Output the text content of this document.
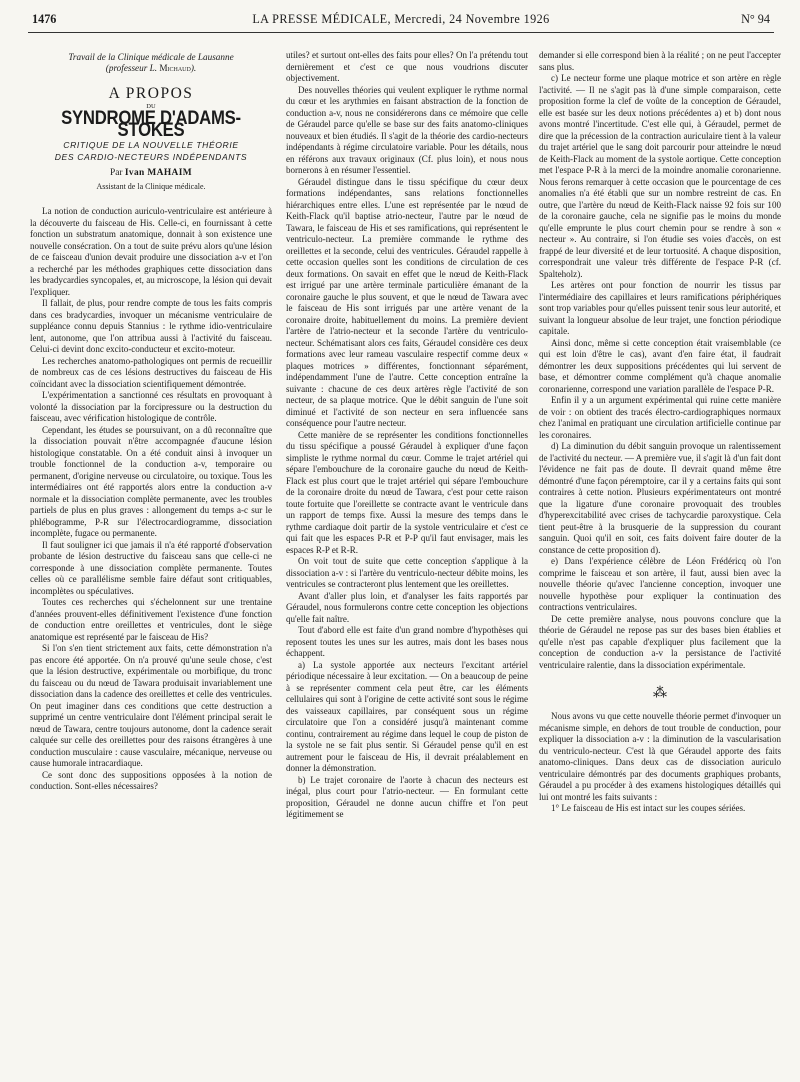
1476	LA PRESSE MÉDICALE, Mercredi, 24 Novembre 1926	N° 94
Travail de la Clinique médicale de Lausanne
(professeur L. Michaud).
A PROPOS
DU
SYNDROME D'ADAMS-STOKES
CRITIQUE DE LA NOUVELLE THÉORIE
DES CARDIO-NECTEURS INDÉPENDANTS
Par Ivan MAHAIM
Assistant de la Clinique médicale.

La notion de conduction auriculo-ventriculaire est antérieure à la découverte du faisceau de His. Celle-ci, en fournissant à cette fonction un substratum anatomique, donnait à son existence une nouvelle consécration. On a tout de suite prévu alors qu'une lésion de ce faisceau d'union devait produire une dissociation a-v et l'on a recherché par les méthodes graphiques cette dissociation dans les bradycardies syncopales, et, au microscope, la lésion qui devait l'expliquer.

Il fallait, de plus, pour rendre compte de tous les faits compris dans ces bradycardies, invoquer un mécanisme ventriculaire de suppléance connu depuis Stannius : le rythme idio-ventriculaire lent, autonome, que l'on attribua aussi à l'activité du faisceau. Celui-ci devint donc excito-conducteur et excito-moteur.

Les recherches anatomo-pathologiques ont permis de recueillir de nombreux cas de ces lésions destructives du faisceau de His coïncidant avec la dissociation scientifiquement démontrée.

L'expérimentation a sanctionné ces résultats en provoquant à volonté la dissociation par la forcipressure ou la destruction du faisceau, avec vérification histologique de contrôle.

Cependant, les études se poursuivant, on a dû reconnaître que la dissociation pouvait n'être accompagnée d'aucune lésion histologique constatable. On a été conduit ainsi à invoquer un trouble fonctionnel de la conduction a-v, temporaire ou permanent, d'origine nerveuse ou circulatoire, ou toxique. Tous les intermédiaires ont été rapportés alors entre la conduction a-v normale et la dissociation complète permanente, avec les troubles partiels de plus en plus graves : allongement du temps a-c sur le phlébogramme, P-R sur l'électrocardiogramme, dissociation incomplète, fugace ou permanente.

Il faut souligner ici que jamais il n'a été rapporté d'observation probante de lésion destructive du faisceau sans que celle-ci ne corresponde à une dissociation complète permanente. Toutes celles où ce parallélisme semble faire défaut sont critiquables, incomplètes ou spéculatives.

Toutes ces recherches qui s'échelonnent sur une trentaine d'années prouvent-elles définitivement l'existence d'une fonction de conduction entre oreillettes et ventricules, dont le siège anatomique est représenté par le faisceau de His?

Si l'on s'en tient strictement aux faits, cette démonstration n'a pas encore été apportée. On n'a prouvé qu'une seule chose, c'est que la lésion destructive, expérimentale ou morbifique, du tronc du faisceau ou du nœud de Tawara produisait invariablement une dissociation dans la cadence des oreillettes et celle des ventricules. On peut imaginer dans ces conditions que cette destruction a supprimé un centre ventriculaire dont l'élément principal serait le nœud de Tawara, centre toujours autonome, dont la cadence serait calquée sur celle des oreillettes pour des raisons étrangères à une conduction musculaire : cause vasculaire, mécanique, nerveuse ou cause humorale intracardiaque.

Ce sont donc des suppositions opposées à la notion de conduction. Sont-elles nécessaires?

utiles? et surtout ont-elles des faits pour elles? On l'a prétendu tout dernièrement et c'est ce que nous voudrions discuter objectivement.

Des nouvelles théories qui veulent expliquer le rythme normal du cœur et les arythmies en faisant abstraction de la fonction de conduction a-v, nous ne considérerons dans ce mémoire que celle de Géraudel parce qu'elle se base sur des faits anatomo-cliniques nouveaux et bien étudiés. Il s'agit de la théorie des cardio-necteurs indépendants à régime circulatoire variable. Pour les détails, nous en référons aux travaux originaux (Cf. plus loin), et nous nous bornerons à en résumer l'essentiel.

Géraudel distingue dans le tissu spécifique du cœur deux formations indépendantes, sans relations fonctionnelles hiérarchiques entre elles. L'une est représentée par le nœud de Keith-Flack qu'il baptise atrio-necteur, l'autre par le nœud de Tawara, le faisceau de His et ses ramifications, qui représentent le ventriculo-necteur. La première commande le rythme des oreillettes et la seconde, celui des ventricules. Géraudel rappelle à cette occasion quelles sont les conditions de circulation de ces deux formations. On savait en effet que le nœud de Keith-Flack est irrigué par une artère terminale particulière émanant de la coronaire gauche le plus souvent, et que le nœud de Tawara avec le faisceau de His sont irrigués par une artère venant de la coronaire droite, habituellement du moins. La première devient l'artère de l'atrio-necteur et la seconde l'artère du ventriculo-necteur. Schématisant alors ces faits, Géraudel considère ces deux formations avec leur rameau vasculaire respectif comme deux « plaques motrices » différentes, fonctionnant séparément, indépendamment l'une de l'autre. Cette conception entraîne la suivante : chacune de ces deux artères règle l'activité de son necteur, de sa plaque motrice. Que le débit sanguin de l'une soit diminué et l'activité de son necteur en sera influencée sans conséquence pour l'autre necteur.

Cette manière de se représenter les conditions fonctionnelles du tissu spécifique a poussé Géraudel à expliquer d'une façon simpliste le rythme normal du cœur. Comme le trajet artériel qui sépare l'embouchure de la coronaire gauche du nœud de Keith-Flack est plus court que le trajet artériel qui sépare l'embouchure de la coronaire droite du nœud de Tawara, c'est pour cette raison toute fortuite que l'oreillette se contracte avant le ventricule dans un rapport de temps fixe. Aussi la mesure des temps dans le rythme cardiaque doit partir de la systole ventriculaire et c'est ce qui fait que les espaces P-R et P-P qu'il faut envisager, mais les espaces R-P et R-R.

On voit tout de suite que cette conception s'applique à la dissociation a-v : si l'artère du ventriculo-necteur débite moins, les ventricules se contracteront plus lentement que les oreillettes.

Avant d'aller plus loin, et d'analyser les faits rapportés par Géraudel, nous formulerons contre cette conception les objections qu'elle fait naître.

Tout d'abord elle est faite d'un grand nombre d'hypothèses qui reposent toutes les unes sur les autres, mais dont les bases nous échappent.

a) La systole apportée aux necteurs l'excitant artériel périodique nécessaire à leur excitation. — On a beaucoup de peine à se représenter comment cela peut être, car les éléments cellulaires qui sont à l'origine de cette activité sont sous le régime des vaisseaux capillaires, par conséquent sous un régime circulatoire que l'on a considéré jusqu'à maintenant comme continu, contrairement au régime dans lequel le coup de piston de la systole ne se fait plus sentir. Si Géraudel pense qu'il en est autrement pour le faisceau de His, il devrait préalablement en donner la démonstration.

b) Le trajet coronaire de l'aorte à chacun des necteurs est inégal, plus court pour l'atrio-necteur. — En formulant cette proposition, Géraudel ne donne aucun chiffre et l'on peut légitimement se

demander si elle correspond bien à la réalité ; on ne peut l'accepter sans plus.

c) Le necteur forme une plaque motrice et son artère en règle l'activité. — Il ne s'agit pas là d'une simple comparaison, cette proposition forme la clef de voûte de la conception de Géraudel, elle est basée sur les deux notions précédentes a) et b) dont nous avons montré l'incertitude. C'est elle qui, à Géraudel, permet de dire que la précession de la contraction auriculaire tient à la valeur du trajet artériel que le sang doit parcourir pour atteindre le nœud de Keith-Flack au moment de la systole aortique. Cette conception met l'espace P-R à la merci de la moindre anomalie coronarienne. Nous ferons remarquer à cette occasion que le pourcentage de ces anomalies n'a été établi que sur un nombre restreint de cas. En outre, que l'artère du nœud de Keith-Flack naisse 92 fois sur 100 de la coronaire gauche, cela ne signifie pas le moins du monde qu'elle emprunte le plus court chemin pour se rendre à son « necteur ». Au contraire, si l'on étudie ses voies d'accès, on est frappé de leur diversité et de leur tortuosité. A chaque disposition, correspondrait une valeur très différente de l'espace P-R (cf. Spalteholz).

Les artères ont pour fonction de nourrir les tissus par l'intermédiaire des capillaires et leurs ramifications périphériques sont trop variables pour qu'elles puissent tenir sous leur autorité, et suivant la longueur absolue de leur trajet, une fonction périodique capitale.

Ainsi donc, même si cette conception était vraisemblable (ce qui est loin d'être le cas), avant d'en faire état, il faudrait démontrer les deux suppositions précédentes qui lui servent de base, et démontrer comme complément qu'à chaque anomalie coronarienne, correspond une variation parallèle de l'espace P-R.

Enfin il y a un argument expérimental qui ruine cette manière de voir : on obtient des tracés électro-cardiographiques normaux chez l'animal en pratiquant une circulation artificielle continue par les coronaires.

d) La diminution du débit sanguin provoque un ralentissement de l'activité du necteur. — A première vue, il s'agit là d'un fait dont l'évidence ne fait pas de doute. Il devrait quand même être démontré d'une façon péremptoire, car il y a certains faits qui sont contraires à cette notion. Plusieurs expérimentateurs ont montré que la ligature d'une coronaire provoquait des troubles d'hyperexcitabilité avec crises de tachycardie paroxystique. Cela tient peut-être à la brusquerie de la suppression du courant sanguin. Quoi qu'il en soit, ces faits doivent faire douter de la constance de cette proposition d).

e) Dans l'expérience célèbre de Léon Frédéricq où l'on comprime le faisceau et son artère, il faut, aussi bien avec la nouvelle théorie qu'avec l'ancienne conception, invoquer une nouvelle hypothèse pour expliquer la continuation des contractions ventriculaires.

De cette première analyse, nous pouvons conclure que la théorie de Géraudel ne repose pas sur des bases bien établies et qu'elle n'est pas capable d'expliquer plus facilement que la conception de conduction a-v la persistance de l'activité ventriculaire ralentie, dans la dissociation expérimentale.

⁂

Nous avons vu que cette nouvelle théorie permet d'invoquer un mécanisme simple, en dehors de tout trouble de conduction, pour expliquer la dissociation a-v : la diminution de la vascularisation du ventriculo-necteur. C'est là que Géraudel apporte des faits anatomo-cliniques. Dans deux cas de dissociation auriculo ventriculaire démontrés par des documents graphiques probants, Géraudel a pu procéder à des examens histologiques détaillés qui lui ont montré les faits suivants :

1° Le faisceau de His est intact sur les coupes sériées.
